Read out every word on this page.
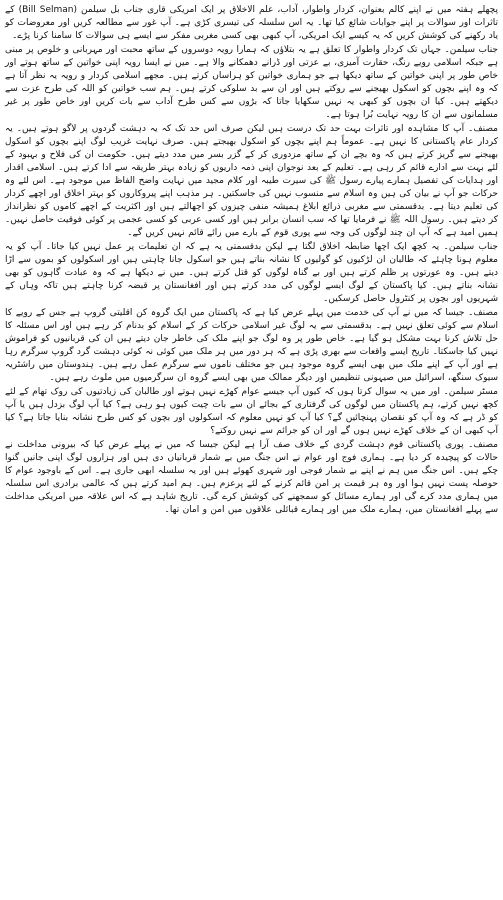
پچھلے ہفتہ میں نے اپنے کالم بعنوان، کردار واطوار، آداب، علم الاخلاق پر ایک امریکی قاری جناب بل سیلمن (Bill Selman) کے تاثرات اور سوالات پر اپنے جوابات شائع کیا تھا۔ یہ اس سلسلہ کی تیسری کڑی ہے۔ آپ غور سے مطالعہ کریں اور معروضات کو یاد رکھنے کی کوشش کریں کہ یہ کیسے ایک امریکی، آپ کبھی بھی کسی مغربی مفکر سے ایسے ہی سوالات کا سامنا کرنا پڑے۔

جناب سیلمن۔ جہاں تک کردار واطوار کا تعلق ہے یہ بتلاؤں کہ ہمارا رویہ دوسروں کے ساتھ محبت اور مہربانی و خلوص پر مبنی ہے جبکہ اسلامی رویے رنگ، حقارت آمیزی، بے عزتی اور ڈرانے دھمکانے والا ہے۔ میں نے ایسا رویہ اپنی خواتین کے ساتھ ہوتے اور خاص طور پر اپنی خواتین کے ساتھ دیکھا ہے جو ہماری خواتین کو ہراساں کرتے ہیں۔ مجھے اسلامی کردار و رویہ یہ نظر آتا ہے کہ وہ اپنے بچوں کو اسکول بھیجنے سے روکتے ہیں اور ان سے بد سلوکی کرتے ہیں۔ ہم سب خواتین کو اللہ کی طرح عزت سے دیکھتے ہیں۔ کیا ان بچوں کو کبھی یہ نہیں سکھایا جاتا کہ بڑوں سے کس طرح آداب سے بات کریں اور خاص طور پر غیر مسلمانوں سے ان کا رویہ نہایت بُرا ہوتا ہے۔

مصنف۔ آپ کا مشاہدہ اور تاثرات بہت حد تک درست ہیں لیکن صرف اس حد تک کہ یہ دہشت گردوں پر لاگو ہوتے ہیں۔ یہ کردار عام پاکستانی کا نہیں ہے۔ عموماً ہم اپنے بچوں کو اسکول بھیجتے ہیں۔ صرف نہایت غریب لوگ اپنے بچوں کو اسکول بھیجنے سے گریز کرتے ہیں کہ وہ بچے ان کے ساتھ مزدوری کر کے گزر بسر میں مدد دیتے ہیں۔ حکومت ان کی فلاح و بہبود کے لئے بہت سے ادارے قائم کر رہی ہے۔ تعلیم کے بعد نوجوان اپنی ذمہ داریوں کو زیادہ بہتر طریقہ سے ادا کرتے ہیں۔ اسلامی اقدار اور ہدایات کی تفصیل ہمارے پیارے رسول ﷺ کی سیرت طیبہ اور کلام مجید میں نہایت واضح الفاظ میں موجود ہے۔ اس لئے وہ حرکات جو آپ نے بیان کی ہیں وہ اسلام سے منسوب نہیں کی جاسکتیں۔ ہر مذہب اپنے پیروکاروں کو بہتر اخلاق اور اچھے کردار کی تعلیم دیتا ہے۔ بدقسمتی سے مغربی ذرائع ابلاغ ہمیشہ منفی چیزوں کو اچھالتے ہیں اور اکثریت کے اچھے کاموں کو نظرانداز کر دیتے ہیں۔ رسول اللہ ﷺ نے فرمایا تھا کہ سب انسان برابر ہیں اور کسی عربی کو کسی عجمی پر کوئی فوقیت حاصل نہیں۔ ہمیں امید ہے کہ آپ ان چند لوگوں کی وجہ سے پوری قوم کے بارے میں رائے قائم نہیں کریں گے۔

جناب سیلمن۔ یہ کچھ ایک اچھا ضابطہ اخلاق لگتا ہے لیکن بدقسمتی یہ ہے کہ ان تعلیمات پر عمل نہیں کیا جاتا۔ آپ کو یہ معلوم ہونا چاہئے کہ طالبان ان لڑکیوں کو گولیوں کا نشانہ بناتے ہیں جو اسکول جانا چاہتی ہیں اور اسکولوں کو بموں سے اڑا دیتے ہیں۔ وہ عورتوں پر ظلم کرتے ہیں اور بے گناہ لوگوں کو قتل کرتے ہیں۔ میں نے دیکھا ہے کہ وہ عبادت گاہوں کو بھی نشانہ بناتے ہیں۔ کیا پاکستان کے لوگ ایسے لوگوں کی مدد کرتے ہیں اور افغانستان پر قبضہ کرنا چاہتے ہیں تاکہ وہاں کے شہریوں اور بچوں پر کنٹرول حاصل کرسکیں۔

مصنف۔ جیسا کہ میں نے آپ کی خدمت میں پہلے عرض کیا ہے کہ پاکستان میں ایک گروہ کن اقلیتی گروپ ہے جس کے رویے کا اسلام سے کوئی تعلق نہیں ہے۔ بدقسمتی سے یہ لوگ غیر اسلامی حرکات کر کے اسلام کو بدنام کر رہے ہیں اور اس مسئلہ کا حل تلاش کرنا بہت مشکل ہو گیا ہے۔ خاص طور پر وہ لوگ جو اپنے ملک کی خاطر جان دیتے ہیں ان کی قربانیوں کو فراموش نہیں کیا جاسکتا۔ تاریخ ایسے واقعات سے بھری پڑی ہے کہ ہر دور میں ہر ملک میں کوئی نہ کوئی دہشت گرد گروپ سرگرم رہا ہے اور آپ کے اپنے ملک میں بھی ایسے گروہ موجود ہیں جو مختلف ناموں سے سرگرم عمل رہے ہیں۔ ہندوستان میں راشٹریہ سیوک سنگھ، اسرائیل میں صیہونی تنظیمیں اور دیگر ممالک میں بھی ایسے گروہ ان سرگرمیوں میں ملوث رہے ہیں۔

مسٹر سیلمن۔ اور میں یہ سوال کرتا ہوں کہ کیوں آپ جیسے عوام کھڑے نہیں ہوتے اور طالبان کی زیادتیوں کی روک تھام کے لئے کچھ نہیں کرتے، ہم پاکستان میں لوگوں کی گرفتاری کے بجائے ان سے بات چیت کیوں ہو رہی ہے؟ کیا آپ لوگ بزدل ہیں یا آپ کو ڈر ہے کہ وہ آپ کو نقصان پہنچائیں گے؟ کیا آپ کو نہیں معلوم کہ اسکولوں اور بچوں کو کس طرح نشانہ بنایا جاتا ہے؟ کیا آپ کبھی ان کے خلاف کھڑے نہیں ہوں گے اور ان کو جرائم سے نہیں روکتے؟

مصنف۔ پوری پاکستانی قوم دہشت گردی کے خلاف صف آرا ہے لیکن جیسا کہ میں نے پہلے عرض کیا کہ بیرونی مداخلت نے حالات کو پیچیدہ کر دیا ہے۔ ہماری فوج اور عوام نے اس جنگ میں بے شمار قربانیاں دی ہیں اور ہزاروں لوگ اپنی جانیں گنوا چکے ہیں۔ اس جنگ میں ہم نے اپنے بے شمار فوجی اور شہری کھوئے ہیں اور یہ سلسلہ ابھی جاری ہے۔ اس کے باوجود عوام کا حوصلہ پست نہیں ہوا اور وہ ہر قیمت پر امن قائم کرنے کے لئے پرعزم ہیں۔ ہم امید کرتے ہیں کہ عالمی برادری اس سلسلہ میں ہماری مدد کرے گی اور ہمارے مسائل کو سمجھنے کی کوشش کرے گی۔ تاریخ شاہد ہے کہ اس علاقہ میں امریکی مداخلت سے پہلے افغانستان میں، ہمارے ملک میں اور ہمارے قبائلی علاقوں میں امن و امان تھا۔
